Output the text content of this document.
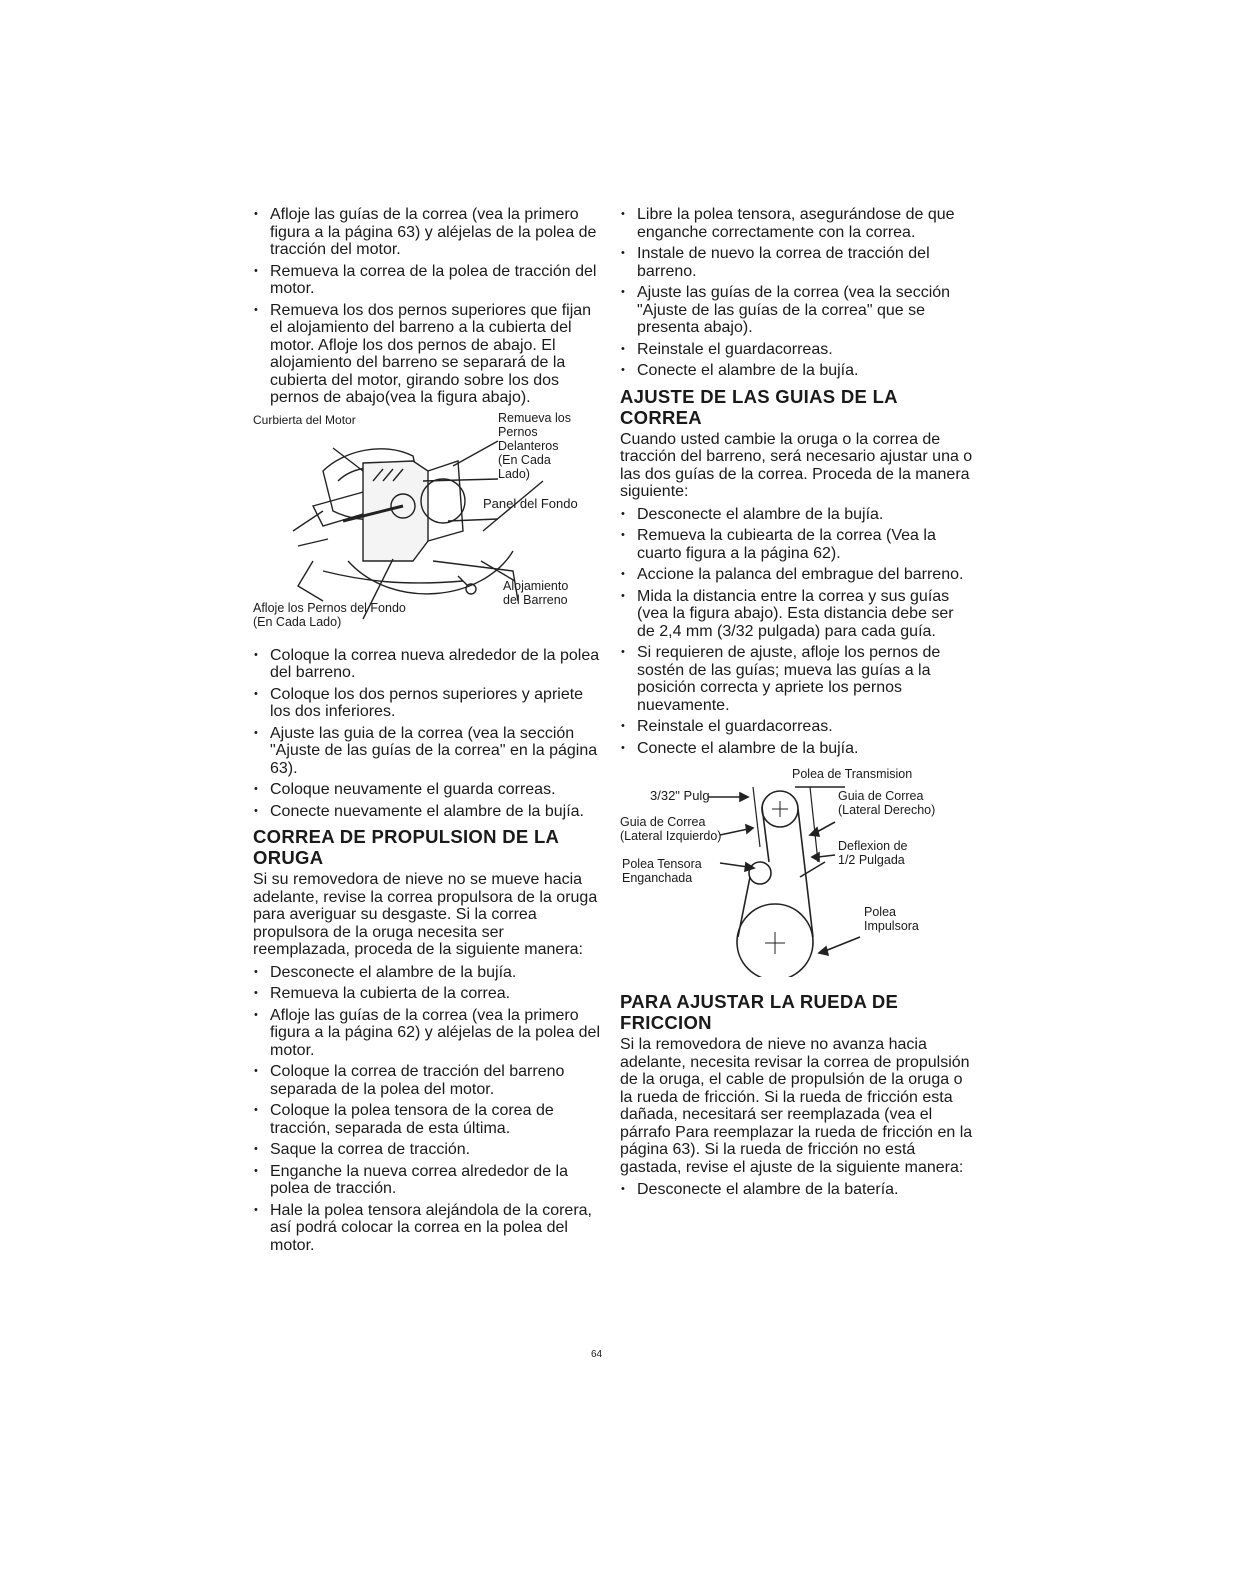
• Afloje las guías de la correa (vea la primero figura a la página 63) y aléjelas de la polea de tracción del motor.
• Remueva la correa de la polea de tracción del motor.
• Remueva los dos pernos superiores que fijan el alojamiento del barreno a la cubierta del motor. Afloje los dos pernos de abajo. El alojamiento del barreno se separará de la cubierta del motor, girando sobre los dos pernos de abajo(vea la figura abajo).
Curbierta del Motor	Remueva los
Pernos
Delanteros
(En Cada
Lado)
Panel del Fondo
Alojamiento
del Barreno
Afloje los Pernos del Fondo
(En Cada Lado)
• Coloque la correa nueva alrededor de la polea del barreno.
• Coloque los dos pernos superiores y apriete los dos inferiores.
• Ajuste las guia de la correa (vea la sección "Ajuste de las guías de la correa" en la página 63).
• Coloque neuvamente el guarda correas.
• Conecte nuevamente el alambre de la bujía.
CORREA DE PROPULSION DE LA ORUGA

Si su removedora de nieve no se mueve hacia adelante, revise la correa propulsora de la oruga para averiguar su desgaste. Si la correa propulsora de la oruga necesita ser reemplazada, proceda de la siguiente manera:

• Desconecte el alambre de la bujía.
• Remueva la cubierta de la correa.
• Afloje las guías de la correa (vea la primero figura a la página 62) y aléjelas de la polea del motor.
• Coloque la correa de tracción del barreno separada de la polea del motor.
• Coloque la polea tensora de la corea de tracción, separada de esta última.
• Saque la correa de tracción.
• Enganche la nueva correa alrededor de la polea de tracción.
• Hale la polea tensora alejándola de la corera, así podrá colocar la correa en la polea del motor.
• Libre la polea tensora, asegurándose de que enganche correctamente con la correa.
• Instale de nuevo la correa de tracción del barreno.
• Ajuste las guías de la correa (vea la sección "Ajuste de las guías de la correa" que se presenta abajo).
• Reinstale el guardacorreas.
• Conecte el alambre de la bujía.
AJUSTE DE LAS GUIAS DE LA CORREA

Cuando usted cambie la oruga o la correa de tracción del barreno, será necesario ajustar una o las dos guías de la correa. Proceda de la manera siguiente:

• Desconecte el alambre de la bujía.
• Remueva la cubiearta de la correa (Vea la cuarto figura a la página 62).
• Accione la palanca del embrague del barreno.
• Mida la distancia entre la correa y sus guías (vea la figura abajo). Esta distancia debe ser de 2,4 mm (3/32 pulgada) para cada guía.
• Si requieren de ajuste, afloje los pernos de sostén de las guías; mueva las guías a la posición correcta y apriete los pernos nuevamente.
• Reinstale el guardacorreas.
• Conecte el alambre de la bujía.
Polea de Transmision
3/32" Pulg
Guia de Correa
(Lateral Izquierdo)
Guia de Correa
(Lateral Derecho)
Polea Tensora
Enganchada
Deflexion de
1/2 Pulgada
Polea
Impulsora
PARA AJUSTAR LA RUEDA DE FRICCION

Si la removedora de nieve no avanza hacia adelante, necesita revisar la correa de propulsión de la oruga, el cable de propulsión de la oruga o la rueda de fricción. Si la rueda de fricción esta dañada, necesitará ser reemplazada (vea el párrafo Para reemplazar la rueda de fricción en la página 63). Si la rueda de fricción no está gastada, revise el ajuste de la siguiente manera:

• Desconecte el alambre de la batería.
64
